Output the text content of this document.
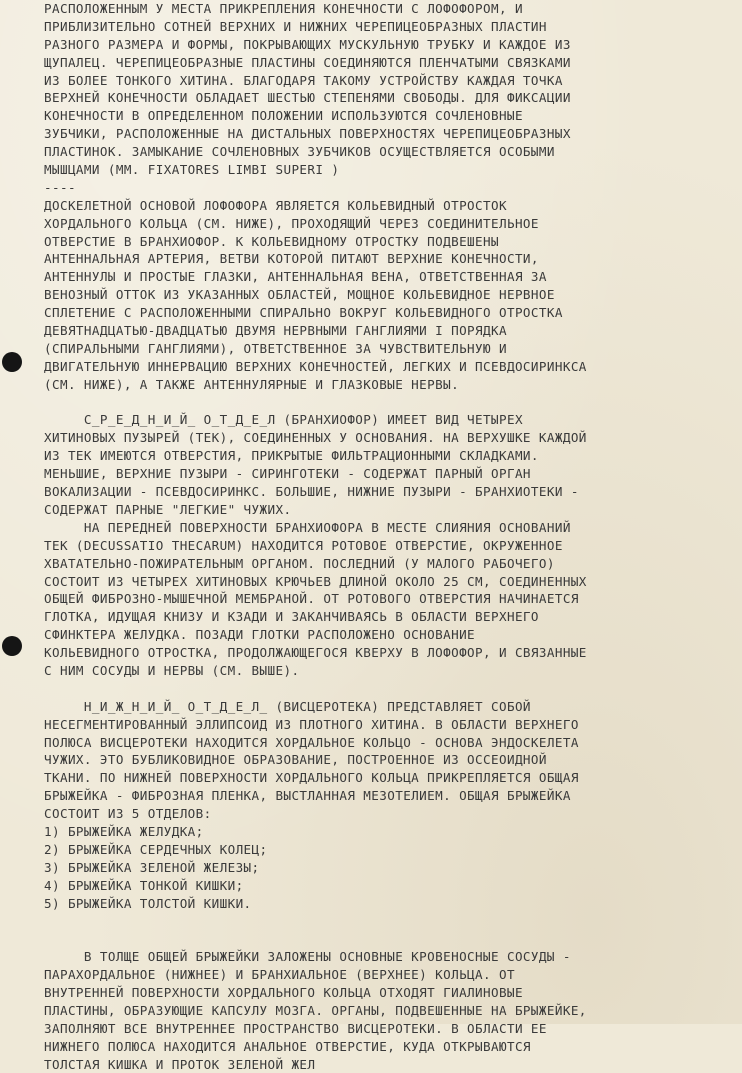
РАСПОЛОЖЕННЫМ У МЕСТА ПРИКРЕПЛЕНИЯ КОНЕЧНОСТИ С ЛОФОФОРОМ, И
ПРИБЛИЗИТЕЛЬНО СОТНЕЙ ВЕРХНИХ И НИЖНИХ ЧЕРЕПИЦЕОБРАЗНЫХ ПЛАСТИН
РАЗНОГО РАЗМЕРА И ФОРМЫ, ПОКРЫВАЮЩИХ МУСКУЛЬНУЮ ТРУБКУ И КАЖДОЕ ИЗ
ЩУПАЛЕЦ. ЧЕРЕПИЦЕОБРАЗНЫЕ ПЛАСТИНЫ СОЕДИНЯЮТСЯ ПЛЕНЧАТЫМИ СВЯЗКАМИ
ИЗ БОЛЕЕ ТОНКОГО ХИТИНА. БЛАГОДАРЯ ТАКОМУ УСТРОЙСТВУ КАЖДАЯ ТОЧКА
ВЕРХНЕЙ КОНЕЧНОСТИ ОБЛАДАЕТ ШЕСТЬЮ СТЕПЕНЯМИ СВОБОДЫ. ДЛЯ ФИКСАЦИИ
КОНЕЧНОСТИ В ОПРЕДЕЛЕННОМ ПОЛОЖЕНИИ ИСПОЛЬЗУЮТСЯ СОЧЛЕНОВНЫЕ
ЗУБЧИКИ, РАСПОЛОЖЕННЫЕ НА ДИСТАЛЬНЫХ ПОВЕРХНОСТЯХ ЧЕРЕПИЦЕОБРАЗНЫХ
ПЛАСТИНОК. ЗАМЫКАНИЕ СОЧЛЕНОВНЫХ ЗУБЧИКОВ ОСУЩЕСТВЛЯЕТСЯ ОСОБЫМИ
МЫШЦАМИ (MM. FIXATORES LIMBI SUPERI )
----
ДОСКЕЛЕТНОЙ ОСНОВОЙ ЛОФОФОРА ЯВЛЯЕТСЯ КОЛЬЕВИДНЫЙ ОТРОСТОК
ХОРДАЛЬНОГО КОЛЬЦА (СМ. НИЖЕ), ПРОХОДЯЩИЙ ЧЕРЕЗ СОЕДИНИТЕЛЬНОЕ
ОТВЕРСТИЕ В БРАНХИОФОР. К КОЛЬЕВИДНОМУ ОТРОСТКУ ПОДВЕШЕНЫ
АНТЕННАЛЬНАЯ АРТЕРИЯ, ВЕТВИ КОТОРОЙ ПИТАЮТ ВЕРХНИЕ КОНЕЧНОСТИ,
АНТЕННУЛЫ И ПРОСТЫЕ ГЛАЗКИ, АНТЕННАЛЬНАЯ ВЕНА, ОТВЕТСТВЕННАЯ ЗА
ВЕНОЗНЫЙ ОТТОК ИЗ УКАЗАННЫХ ОБЛАСТЕЙ, МОЩНОЕ КОЛЬЕВИДНОЕ НЕРВНОЕ
СПЛЕТЕНИЕ С РАСПОЛОЖЕННЫМИ СПИРАЛЬНО ВОКРУГ КОЛЬЕВИДНОГО ОТРОСТКА
ДЕВЯТНАДЦАТЬЮ-ДВАДЦАТЬЮ ДВУМЯ НЕРВНЫМИ ГАНГЛИЯМИ I ПОРЯДКА
(СПИРАЛЬНЫМИ ГАНГЛИЯМИ), ОТВЕТСТВЕННОЕ ЗА ЧУВСТВИТЕЛЬНУЮ И
ДВИГАТЕЛЬНУЮ ИННЕРВАЦИЮ ВЕРХНИХ КОНЕЧНОСТЕЙ, ЛЕГКИХ И ПСЕВДОСИРИНКСА
(СМ. НИЖЕ), А ТАКЖЕ АНТЕННУЛЯРНЫЕ И ГЛАЗКОВЫЕ НЕРВЫ.
С_Р_Е_Д_Н_И_Й_ О_Т_Д_Е_Л (БРАНХИОФОР) ИМЕЕТ ВИД ЧЕТЫРЕХ
ХИТИНОВЫХ ПУЗЫРЕЙ (ТЕК), СОЕДИНЕННЫХ У ОСНОВАНИЯ. НА ВЕРХУШКЕ КАЖДОЙ
ИЗ ТЕК ИМЕЮТСЯ ОТВЕРСТИЯ, ПРИКРЫТЫЕ ФИЛЬТРАЦИОННЫМИ СКЛАДКАМИ.
МЕНЬШИЕ, ВЕРХНИЕ ПУЗЫРИ - СИРИНГОТЕКИ - СОДЕРЖАТ ПАРНЫЙ ОРГАН
ВОКАЛИЗАЦИИ - ПСЕВДОСИРИНКС. БОЛЬШИЕ, НИЖНИЕ ПУЗЫРИ - БРАНХИОТЕКИ -
СОДЕРЖАТ ПАРНЫЕ "ЛЕГКИЕ" ЧУЖИХ.
НА ПЕРЕДНЕЙ ПОВЕРХНОСТИ БРАНХИОФОРА В МЕСТЕ СЛИЯНИЯ ОСНОВАНИЙ
ТЕК (DECUSSATIO THECARUM) НАХОДИТСЯ РОТОВОЕ ОТВЕРСТИЕ, ОКРУЖЕННОЕ
ХВАТАТЕЛЬНО-ПОЖИРАТЕЛЬНЫМ ОРГАНОМ. ПОСЛЕДНИЙ (У МАЛОГО РАБОЧЕГО)
СОСТОИТ ИЗ ЧЕТЫРЕХ ХИТИНОВЫХ КРЮЧЬЕВ ДЛИНОЙ ОКОЛО 25 СМ, СОЕДИНЕННЫХ
ОБЩЕЙ ФИБРОЗНО-МЫШЕЧНОЙ МЕМБРАНОЙ. ОТ РОТОВОГО ОТВЕРСТИЯ НАЧИНАЕТСЯ
ГЛОТКА, ИДУЩАЯ КНИЗУ И КЗАДИ И ЗАКАНЧИВАЯСЬ В ОБЛАСТИ ВЕРХНЕГО
СФИНКТЕРА ЖЕЛУДКА. ПОЗАДИ ГЛОТКИ РАСПОЛОЖЕНО ОСНОВАНИЕ
КОЛЬЕВИДНОГО ОТРОСТКА, ПРОДОЛЖАЮЩЕГОСЯ КВЕРХУ В ЛОФОФОР, И СВЯЗАННЫЕ
С НИМ СОСУДЫ И НЕРВЫ (СМ. ВЫШЕ).
Н_И_Ж_Н_И_Й_ О_Т_Д_Е_Л_ (ВИСЦЕРОТЕКА) ПРЕДСТАВЛЯЕТ СОБОЙ
НЕСЕГМЕНТИРОВАННЫЙ ЭЛЛИПСОИД ИЗ ПЛОТНОГО ХИТИНА. В ОБЛАСТИ ВЕРХНЕГО
ПОЛЮСА ВИСЦЕРОТЕКИ НАХОДИТСЯ ХОРДАЛЬНОЕ КОЛЬЦО - ОСНОВА ЭНДОСКЕЛЕТА
ЧУЖИХ. ЭТО БУБЛИКОВИДНОЕ ОБРАЗОВАНИЕ, ПОСТРОЕННОЕ ИЗ ОССЕОИДНОЙ
ТКАНИ. ПО НИЖНЕЙ ПОВЕРХНОСТИ ХОРДАЛЬНОГО КОЛЬЦА ПРИКРЕПЛЯЕТСЯ ОБЩАЯ
БРЫЖЕЙКА - ФИБРОЗНАЯ ПЛЕНКА, ВЫСТЛАННАЯ МЕЗОТЕЛИЕМ. ОБЩАЯ БРЫЖЕЙКА
СОСТОИТ ИЗ 5 ОТДЕЛОВ:
1) БРЫЖЕЙКА ЖЕЛУДКА;
2) БРЫЖЕЙКА СЕРДЕЧНЫХ КОЛЕЦ;
3) БРЫЖЕЙКА ЗЕЛЕНОЙ ЖЕЛЕЗЫ;
4) БРЫЖЕЙКА ТОНКОЙ КИШКИ;
5) БРЫЖЕЙКА ТОЛСТОЙ КИШКИ.
В ТОЛЩЕ ОБЩЕЙ БРЫЖЕЙКИ ЗАЛОЖЕНЫ ОСНОВНЫЕ КРОВЕНОСНЫЕ СОСУДЫ -
ПАРАХОРДАЛЬНОЕ (НИЖНЕЕ) И БРАНХИАЛЬНОЕ (ВЕРХНЕЕ) КОЛЬЦА. ОТ
ВНУТРЕННЕЙ ПОВЕРХНОСТИ ХОРДАЛЬНОГО КОЛЬЦА ОТХОДЯТ ГИАЛИНОВЫЕ
ПЛАСТИНЫ, ОБРАЗУЮЩИЕ КАПСУЛУ МОЗГА. ОРГАНЫ, ПОДВЕШЕННЫЕ НА БРЫЖЕЙКЕ,
ЗАПОЛНЯЮТ ВСЕ ВНУТРЕННЕЕ ПРОСТРАНСТВО ВИСЦЕРОТЕКИ. В ОБЛАСТИ ЕЕ
НИЖНЕГО ПОЛЮСА НАХОДИТСЯ АНАЛЬНОЕ ОТВЕРСТИЕ, КУДА ОТКРЫВАЮТСЯ
ТОЛСТАЯ КИШКА И ПРОТОК ЗЕЛЕНОЙ ЖЕЛ
